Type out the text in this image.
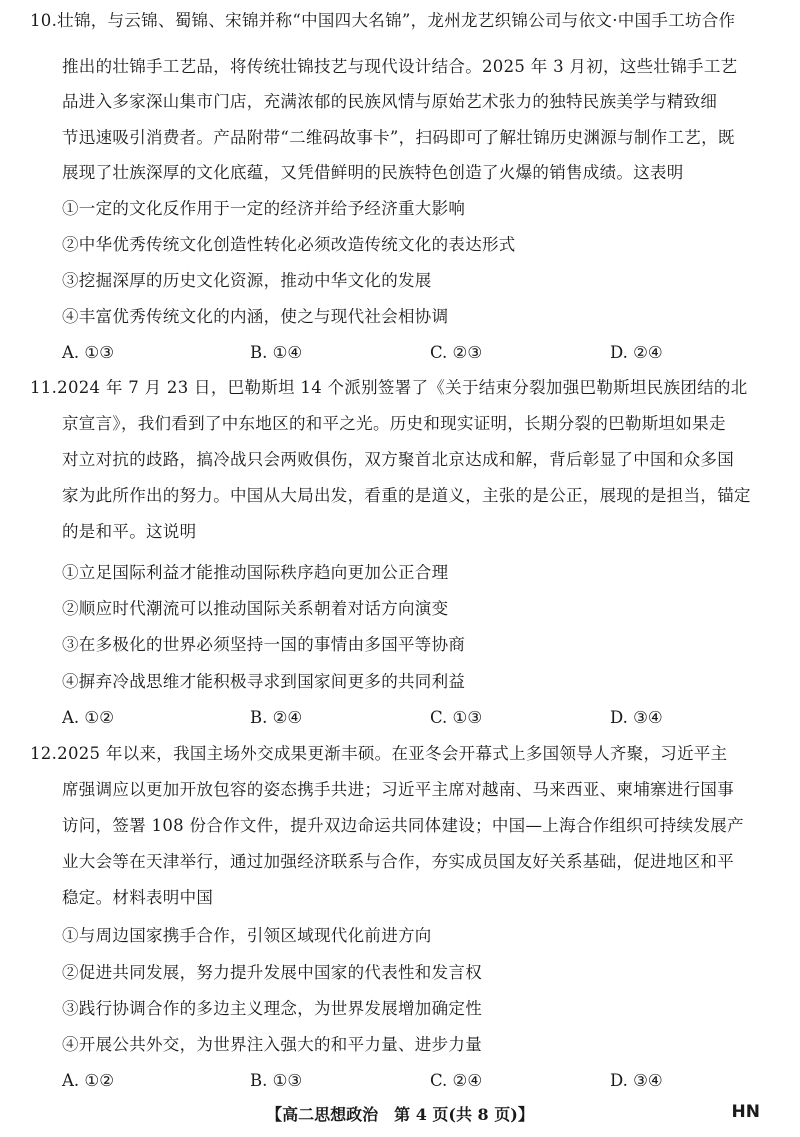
10.壮锦，与云锦、蜀锦、宋锦并称“中国四大名锦”，龙州龙艺织锦公司与依文·中国手工坊合作
推出的壮锦手工艺品，将传统壮锦技艺与现代设计结合。2025 年 3 月初，这些壮锦手工艺
品进入多家深山集市门店，充满浓郁的民族风情与原始艺术张力的独特民族美学与精致细
节迅速吸引消费者。产品附带“二维码故事卡”，扫码即可了解壮锦历史渊源与制作工艺，既
展现了壮族深厚的文化底蕴，又凭借鲜明的民族特色创造了火爆的销售成绩。这表明
①一定的文化反作用于一定的经济并给予经济重大影响
②中华优秀传统文化创造性转化必须改造传统文化的表达形式
③挖掘深厚的历史文化资源，推动中华文化的发展
④丰富优秀传统文化的内涵，使之与现代社会相协调
A. ①③	B. ①④	C. ②③	D. ②④
11.2024 年 7 月 23 日，巴勒斯坦 14 个派别签署了《关于结束分裂加强巴勒斯坦民族团结的北
京宣言》，我们看到了中东地区的和平之光。历史和现实证明，长期分裂的巴勒斯坦如果走
对立对抗的歧路，搞冷战只会两败俱伤，双方聚首北京达成和解，背后彰显了中国和众多国
家为此所作出的努力。中国从大局出发，看重的是道义，主张的是公正，展现的是担当，锚定
的是和平。这说明
①立足国际利益才能推动国际秩序趋向更加公正合理
②顺应时代潮流可以推动国际关系朝着对话方向演变
③在多极化的世界必须坚持一国的事情由多国平等协商
④摒弃冷战思维才能积极寻求到国家间更多的共同利益
A. ①②	B. ②④	C. ①③	D. ③④
12.2025 年以来，我国主场外交成果更渐丰硕。在亚冬会开幕式上多国领导人齐聚，习近平主
席强调应以更加开放包容的姿态携手共进；习近平主席对越南、马来西亚、柬埔寨进行国事
访问，签署 108 份合作文件，提升双边命运共同体建设；中国—上海合作组织可持续发展产
业大会等在天津举行，通过加强经济联系与合作，夯实成员国友好关系基础，促进地区和平
稳定。材料表明中国
①与周边国家携手合作，引领区域现代化前进方向
②促进共同发展，努力提升发展中国家的代表性和发言权
③践行协调合作的多边主义理念，为世界发展增加确定性
④开展公共外交，为世界注入强大的和平力量、进步力量
A. ①②	B. ①③	C. ②④	D. ③④
【高二思想政治　第 4 页(共 8 页)】	HN
